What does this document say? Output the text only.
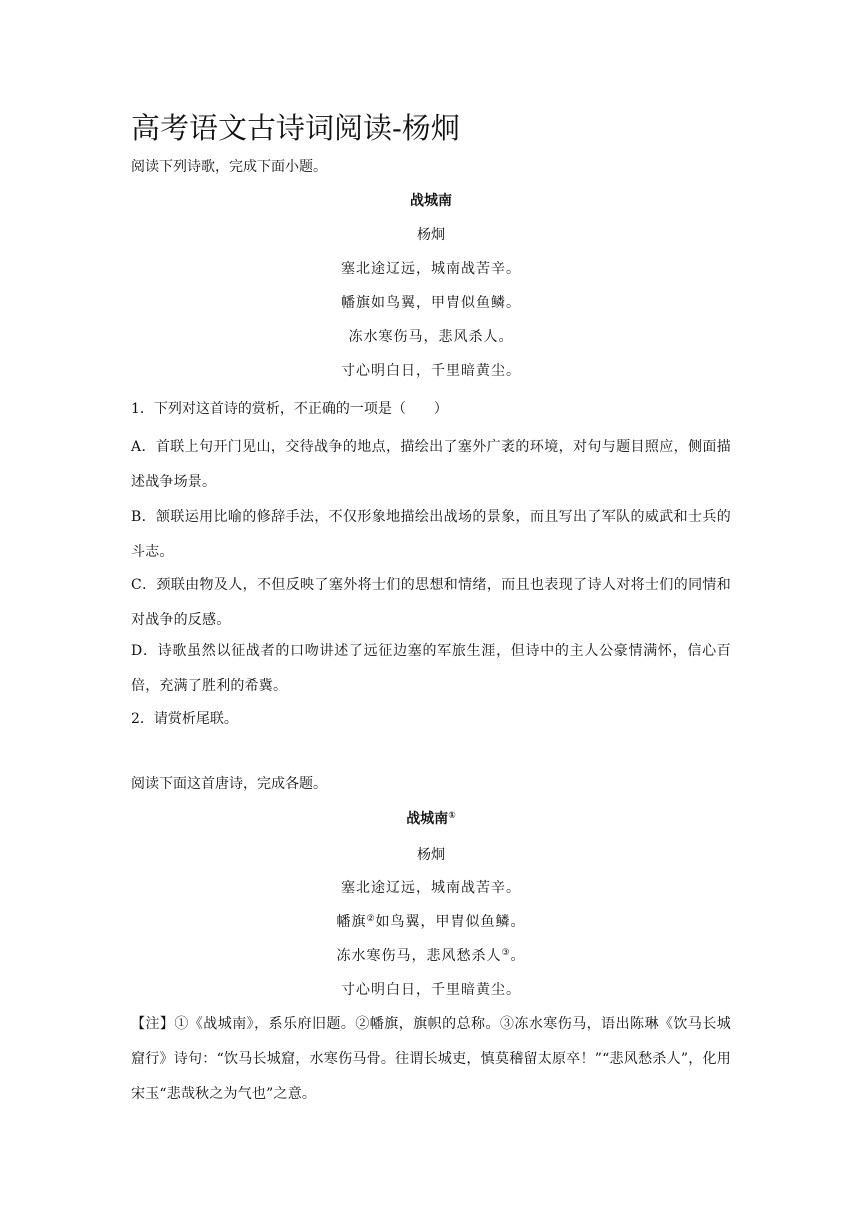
高考语文古诗词阅读-杨炯
阅读下列诗歌，完成下面小题。
战城南
杨炯
塞北途辽远，城南战苦辛。
幡旗如鸟翼，甲胄似鱼鳞。
冻水寒伤马，悲风杀人。
寸心明白日，千里暗黄尘。
1．下列对这首诗的赏析，不正确的一项是（　　）
A．首联上句开门见山，交待战争的地点，描绘出了塞外广袤的环境，对句与题目照应，侧面描述战争场景。
B．颔联运用比喻的修辞手法，不仅形象地描绘出战场的景象，而且写出了军队的威武和士兵的斗志。
C．颈联由物及人，不但反映了塞外将士们的思想和情绪，而且也表现了诗人对将士们的同情和对战争的反感。
D．诗歌虽然以征战者的口吻讲述了远征边塞的军旅生涯，但诗中的主人公豪情满怀，信心百倍，充满了胜利的希冀。
2．请赏析尾联。
阅读下面这首唐诗，完成各题。
战城南①
杨炯
塞北途辽远，城南战苦辛。
幡旗②如鸟翼，甲胄似鱼鳞。
冻水寒伤马，悲风愁杀人③。
寸心明白日，千里暗黄尘。
【注】①《战城南》，系乐府旧题。②幡旗，旗帜的总称。③冻水寒伤马，语出陈琳《饮马长城窟行》诗句：“饮马长城窟，水寒伤马骨。往谓长城吏，慎莫稽留太原卒！”“悲风愁杀人”，化用宋玉“悲哉秋之为气也”之意。
